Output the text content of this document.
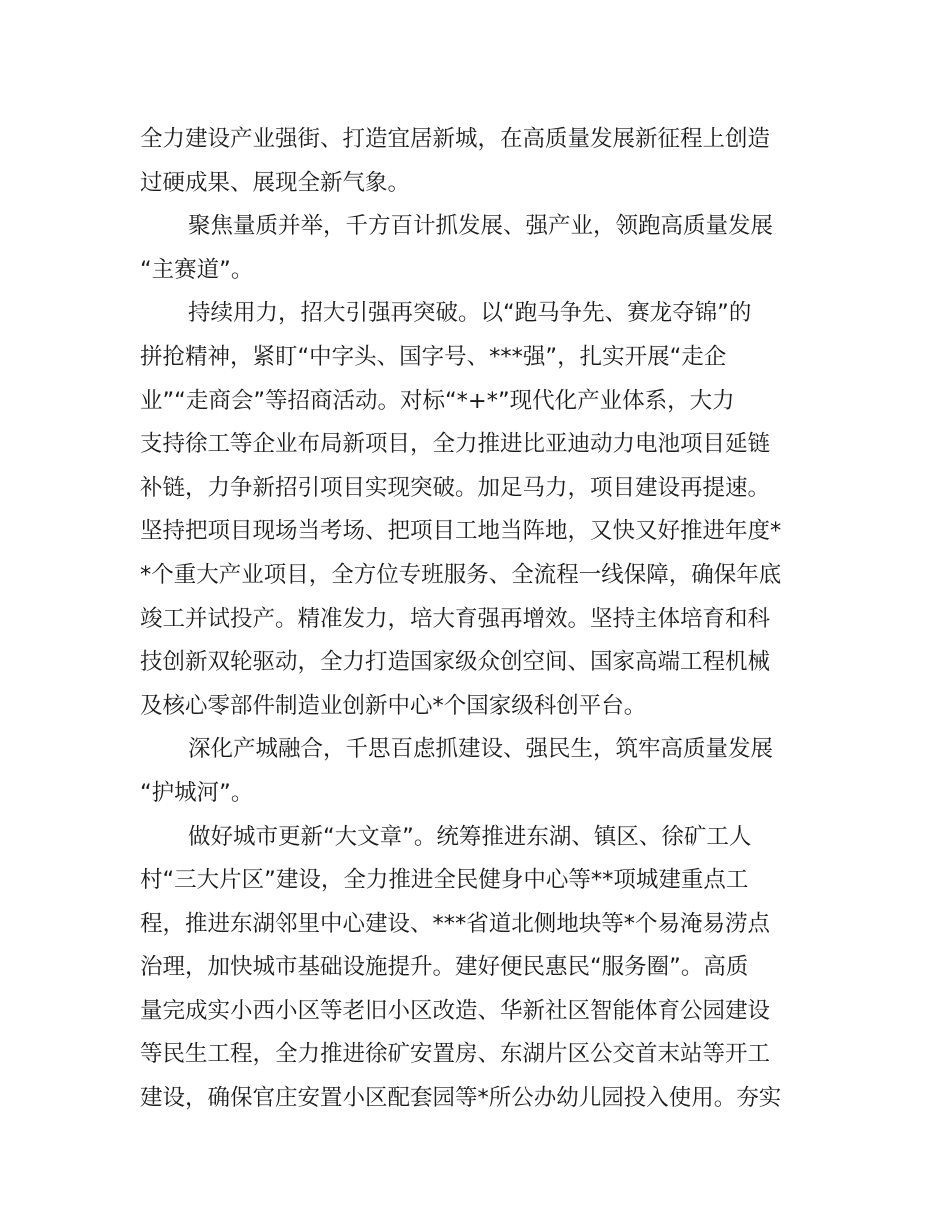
全力建设产业强街、打造宜居新城，在高质量发展新征程上创造
过硬成果、展现全新气象。
聚焦量质并举，千方百计抓发展、强产业，领跑高质量发展
“主赛道”。
持续用力，招大引强再突破。以“跑马争先、赛龙夺锦”的
拼抢精神，紧盯“中字头、国字号、***强”，扎实开展“走企
业”“走商会”等招商活动。对标“*+*”现代化产业体系，大力
支持徐工等企业布局新项目，全力推进比亚迪动力电池项目延链
补链，力争新招引项目实现突破。加足马力，项目建设再提速。
坚持把项目现场当考场、把项目工地当阵地，又快又好推进年度*
*个重大产业项目，全方位专班服务、全流程一线保障，确保年底
竣工并试投产。精准发力，培大育强再增效。坚持主体培育和科
技创新双轮驱动，全力打造国家级众创空间、国家高端工程机械
及核心零部件制造业创新中心*个国家级科创平台。
深化产城融合，千思百虑抓建设、强民生，筑牢高质量发展
“护城河”。
做好城市更新“大文章”。统筹推进东湖、镇区、徐矿工人
村“三大片区”建设，全力推进全民健身中心等**项城建重点工
程，推进东湖邻里中心建设、***省道北侧地块等*个易淹易涝点
治理，加快城市基础设施提升。建好便民惠民“服务圈”。高质
量完成实小西小区等老旧小区改造、华新社区智能体育公园建设
等民生工程，全力推进徐矿安置房、东湖片区公交首末站等开工
建设，确保官庄安置小区配套园等*所公办幼儿园投入使用。夯实
